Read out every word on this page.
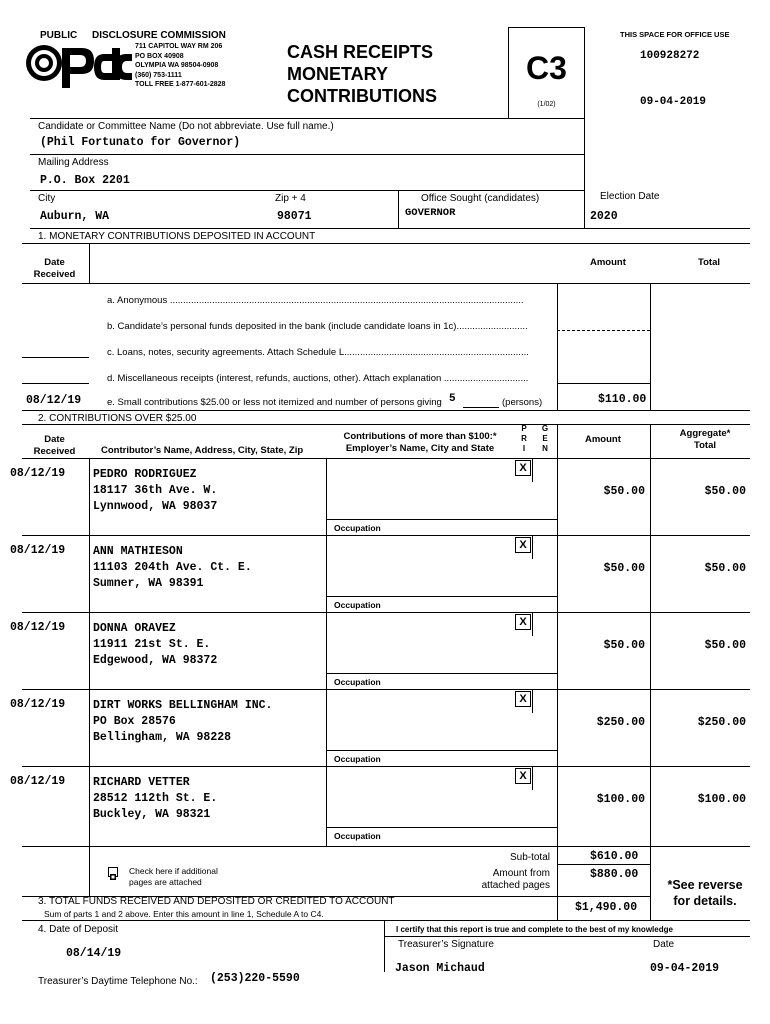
PUBLIC DISCLOSURE COMMISSION
711 CAPITOL WAY RM 206
PO BOX 40908
OLYMPIA WA 98504-0908
(360) 753-1111
TOLL FREE 1-877-601-2828
CASH RECEIPTS
MONETARY
CONTRIBUTIONS
C3
(1/02)
THIS SPACE FOR OFFICE USE
100928272
09-04-2019
Candidate or Committee Name (Do not abbreviate. Use full name.)
(Phil Fortunato for Governor)
Mailing Address
P.O. Box 2201
City
Auburn, WA
Zip + 4
98071
Office Sought (candidates)
GOVERNOR
Election Date
2020
1. MONETARY CONTRIBUTIONS DEPOSITED IN ACCOUNT
Date
Received
Amount	Total
a. Anonymous ......................................................................................................................................
b. Candidate’s personal funds deposited in the bank (include candidate loans in 1c)...........................
c. Loans, notes, security agreements. Attach Schedule L......................................................................
d. Miscellaneous receipts (interest, refunds, auctions, other). Attach explanation ................................
08/12/19	e. Small contributions $25.00 or less not itemized and number of persons giving 5	(persons)	$110.00
2. CONTRIBUTIONS OVER $25.00
Date
Received	Contributor’s Name, Address, City, State, Zip
Contributions of more than $100:*
Employer’s Name, City and State
P
R
I
G
E
N
Amount
Aggregate*
Total
08/12/19 PEDRO RODRIGUEZ
18117 36th Ave. W.
Lynnwood, WA 98037
X
$50.00	$50.00
Occupation
08/12/19 ANN MATHIESON
11103 204th Ave. Ct. E.
Sumner, WA 98391
X
$50.00	$50.00
Occupation
08/12/19 DONNA ORAVEZ
11911 21st St. E.
Edgewood, WA 98372
X
$50.00	$50.00
Occupation
08/12/19 DIRT WORKS BELLINGHAM INC.
PO Box 28576
Bellingham, WA 98228
X
$250.00	$250.00
Occupation
08/12/19 RICHARD VETTER
28512 112th St. E.
Buckley, WA 98321
X
$100.00	$100.00
Occupation
Check here if additional
pages are attached
Sub-total	$610.00
Amount from
attached pages
$880.00
*See reverse
for details.
3. TOTAL FUNDS RECEIVED AND DEPOSITED OR CREDITED TO ACCOUNT
Sum of parts 1 and 2 above. Enter this amount in line 1, Schedule A to C4.	$1,490.00
4. Date of Deposit
08/14/19
Treasurer’s Daytime Telephone No.: (253)220-5590
I certify that this report is true and complete to the best of my knowledge
Treasurer’s Signature	Date
Jason Michaud	09-04-2019
